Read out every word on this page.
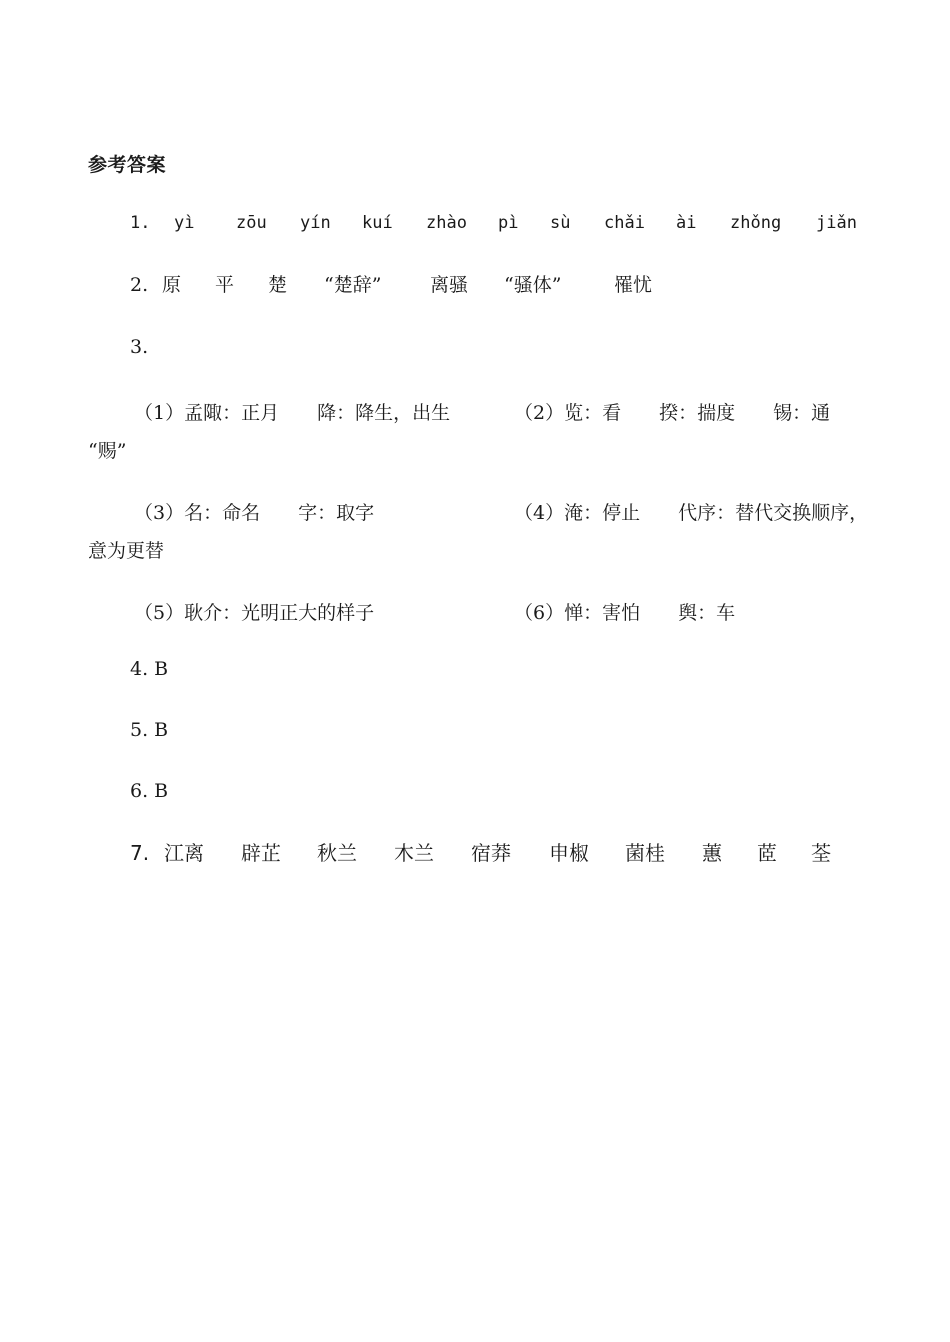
参考答案
1. yì zōu yín kuí zhào pì sù chǎi ài zhǒng jiǎn
2. 原 平 楚 “楚辞”	离骚 “骚体”	罹忧
3.
（1）孟陬：正月　　降：降生，出生	（2）览：看　　揆：揣度　　锡：通
“赐”
（3）名：命名　　字：取字	（4）淹：停止　　代序：替代交换顺序，
意为更替
（5）耿介：光明正大的样子	（6）惮：害怕　　舆：车
4. B
5. B
6. B
7. 江离 辟芷 秋兰 木兰 宿莽 申椒 菌桂 蕙 茝 荃
